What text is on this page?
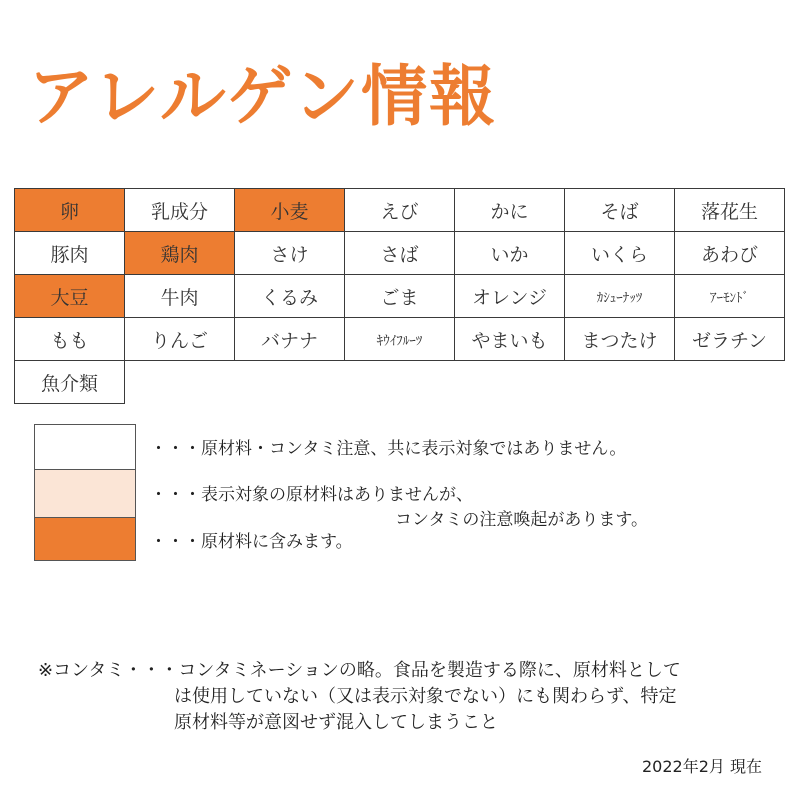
アレルゲン情報
卵	乳成分	小麦	えび	かに	そば	落花生
豚肉	鶏肉	さけ	さば	いか	いくら	あわび
大豆	牛肉	くるみ	ごま	オレンジ	ｶｼｭｰﾅｯﾂ	ｱｰﾓﾝﾄﾞ
もも	りんご	バナナ	ｷｳｲﾌﾙｰﾂ	やまいも	まつたけ	ゼラチン
魚介類
・・・原材料・コンタミ注意、共に表示対象ではありません。
・・・表示対象の原材料はありませんが、
コンタミの注意喚起があります。
・・・原材料に含みます。
※コンタミ・・・コンタミネーションの略。食品を製造する際に、原材料として
は使用していない（又は表示対象でない）にも関わらず、特定
原材料等が意図せず混入してしまうこと
2022年2月 現在
